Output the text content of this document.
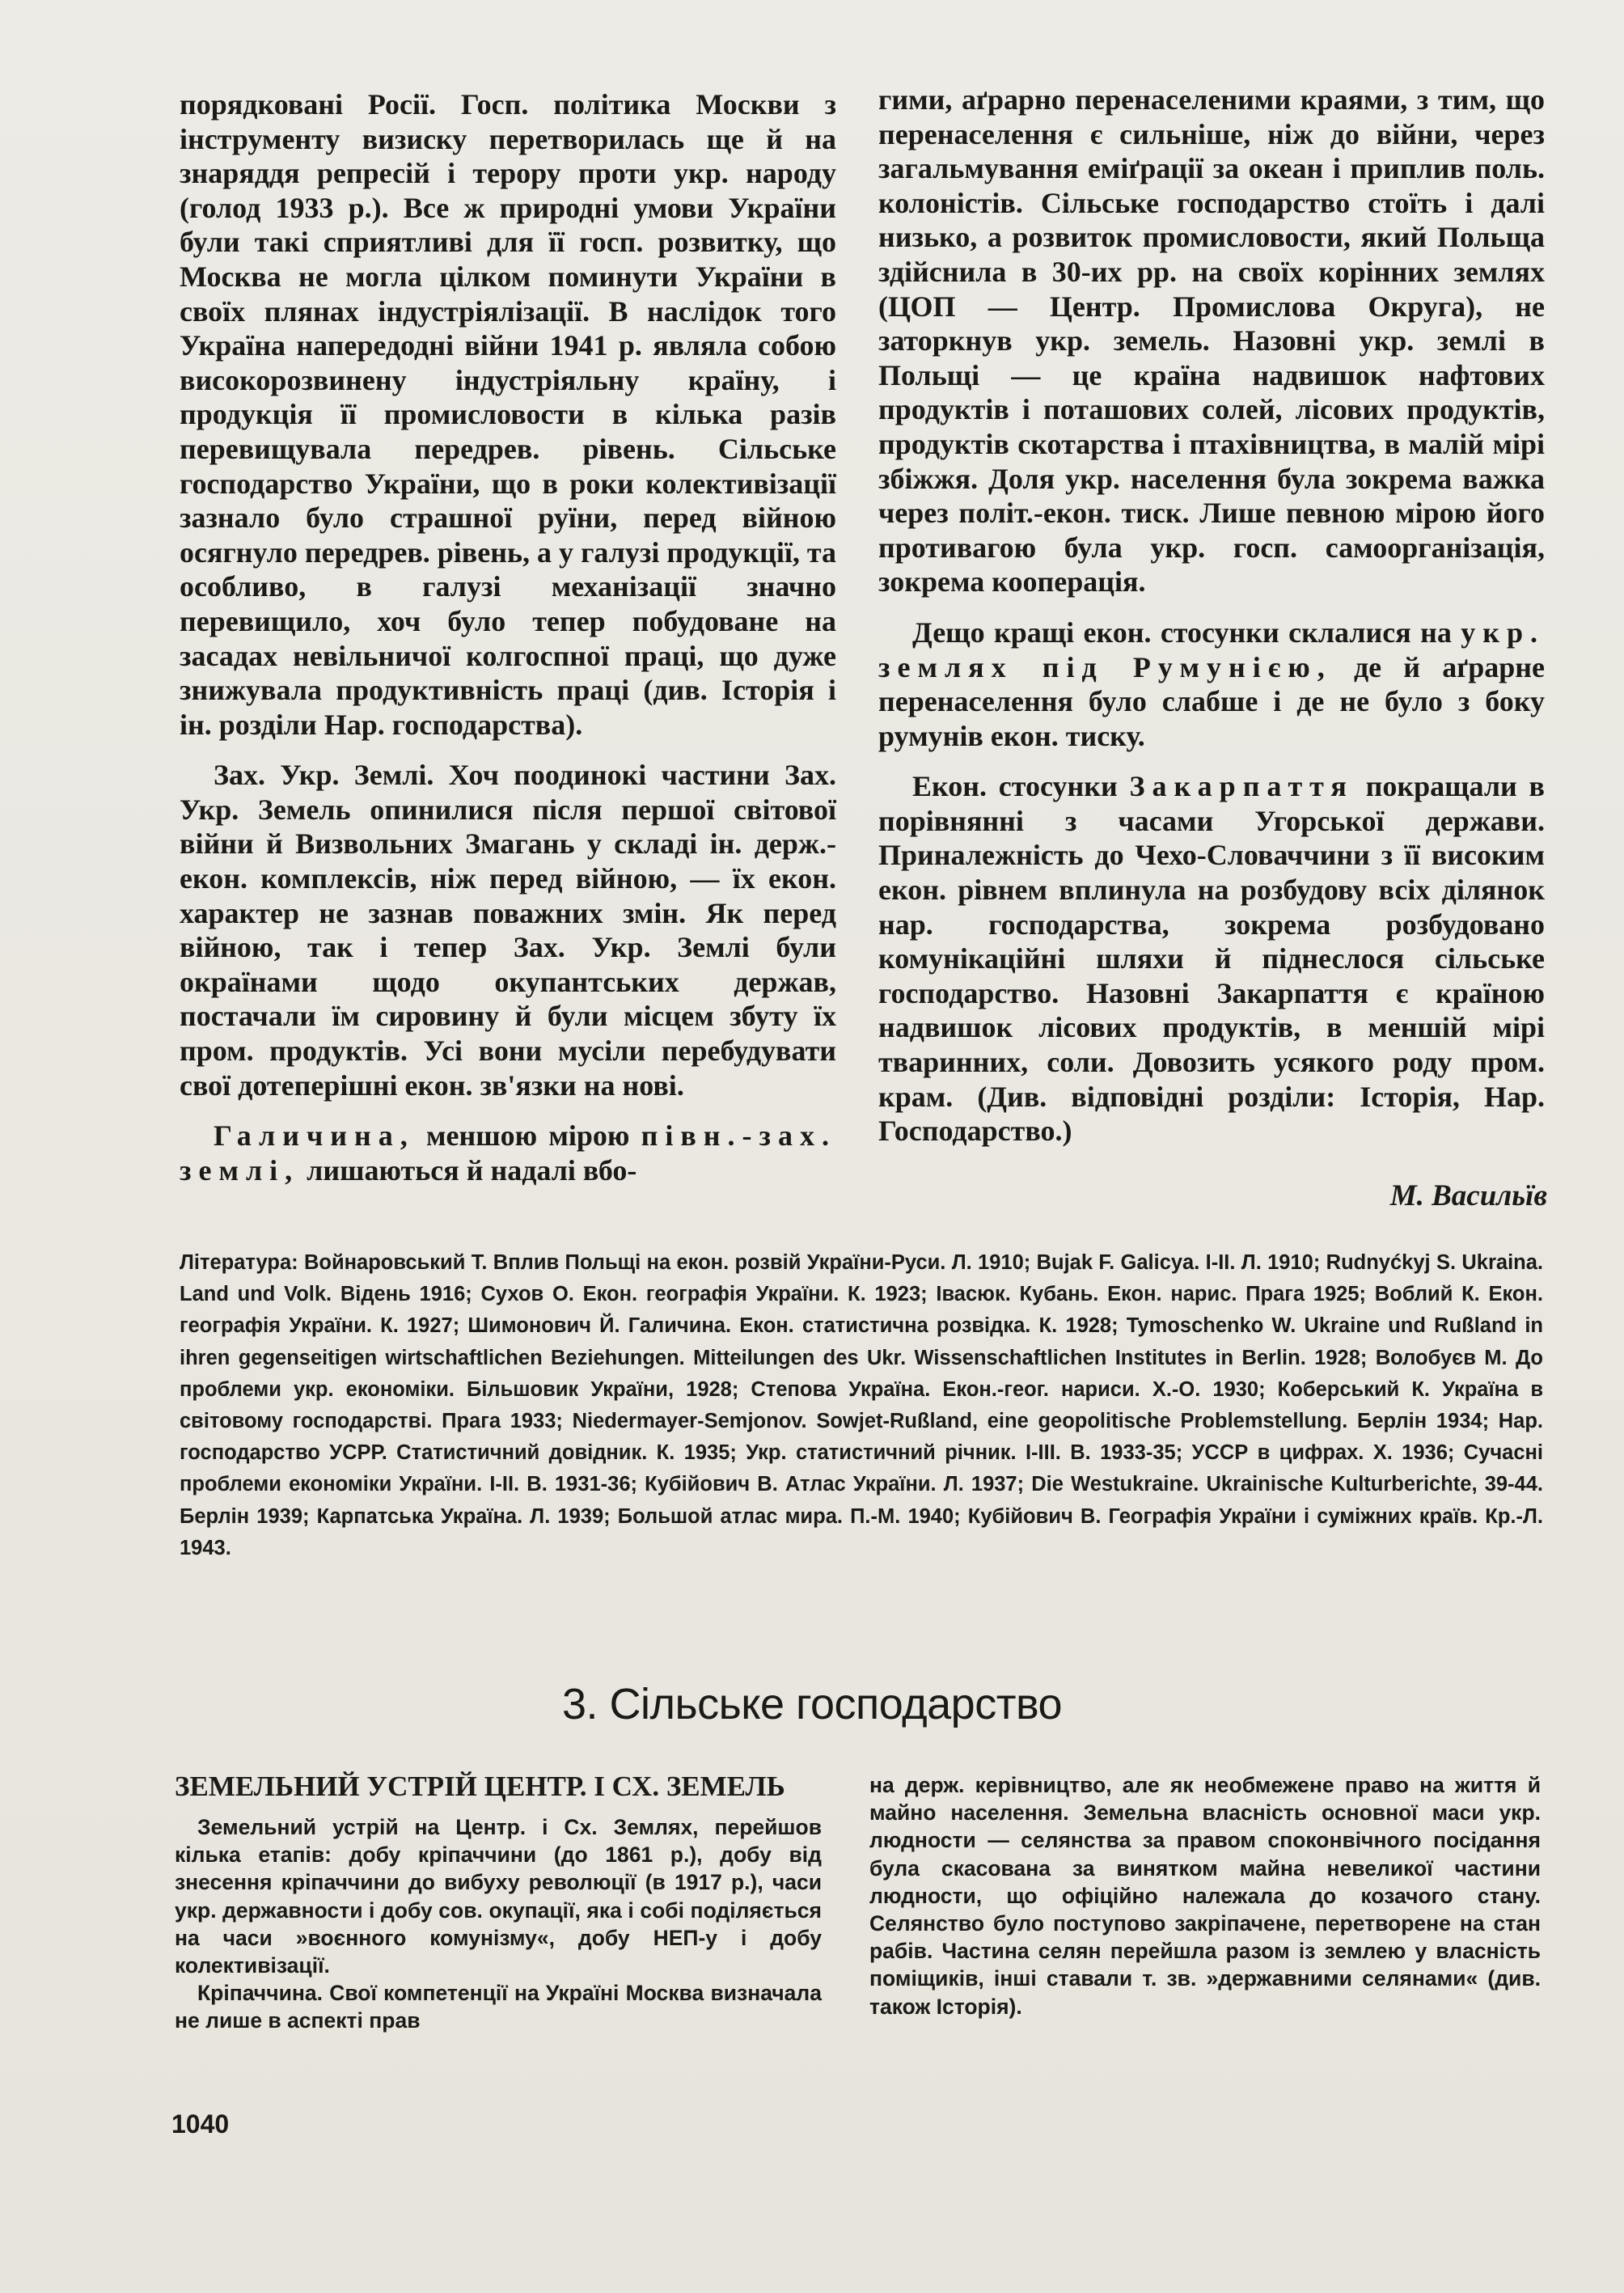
порядковані Росії. Госп. політика Москви з інструменту визиску перетворилась ще й на знаряддя репресій і терору проти укр. народу (голод 1933 р.). Все ж природні умови України були такі сприятливі для її госп. розвитку, що Москва не могла цілком поминути України в своїх плянах індустріялізації. В наслідок того Україна напередодні війни 1941 р. являла собою високорозвинену індустріяльну країну, і продукція її промисловости в кілька разів перевищувала передрев. рівень. Сільське господарство України, що в роки колективізації зазнало було страшної руїни, перед війною осягнуло передрев. рівень, а у галузі продукції, та особливо, в галузі механізації значно перевищило, хоч було тепер побудоване на засадах невільничої колгоспної праці, що дуже знижувала продуктивність праці (див. Історія і ін. розділи Нар. господарства).

Зах. Укр. Землі. Хоч поодинокі частини Зах. Укр. Земель опинилися після першої світової війни й Визвольних Змагань у складі ін. держ.-екон. комплексів, ніж перед війною, — їх екон. характер не зазнав поважних змін. Як перед війною, так і тепер Зах. Укр. Землі були окраїнами щодо окупантських держав, постачали їм сировину й були місцем збуту їх пром. продуктів. Усі вони мусіли перебудувати свої дотеперішні екон. зв'язки на нові.

Галичина, меншою мірою півн.-зах. землі, лишаються й надалі вбо-

гими, аґрарно перенаселеними краями, з тим, що перенаселення є сильніше, ніж до війни, через загальмування еміґрації за океан і приплив поль. колоністів. Сільське господарство стоїть і далі низько, а розвиток промисловости, який Польща здійснила в 30-их рр. на своїх корінних землях (ЦОП — Центр. Промислова Округа), не заторкнув укр. земель. Назовні укр. землі в Польщі — це країна надвишок нафтових продуктів і поташових солей, лісових продуктів, продуктів скотарства і птахівництва, в малій мірі збіжжя. Доля укр. населення була зокрема важка через політ.-екон. тиск. Лише певною мірою його противагою була укр. госп. самоорганізація, зокрема кооперація.

Дещо кращі екон. стосунки склалися на укр. землях під Румунією, де й аґрарне перенаселення було слабше і де не було з боку румунів екон. тиску.

Екон. стосунки Закарпаття покращали в порівнянні з часами Угорської держави. Приналежність до Чехо-Словаччини з її високим екон. рівнем вплинула на розбудову всіх ділянок нар. господарства, зокрема розбудовано комунікаційні шляхи й піднеслося сільське господарство. Назовні Закарпаття є країною надвишок лісових продуктів, в меншій мірі тваринних, соли. Довозить усякого роду пром. крам. (Див. відповідні розділи: Історія, Нар. Господарство.)

М. Васильїв
Література: Войнаровський Т. Вплив Польщі на екон. розвій України-Руси. Л. 1910; Bujak F. Galicya. I-II. Л. 1910; Rudnyćkyj S. Ukraina. Land und Volk. Відень 1916; Сухов О. Екон. географія України. К. 1923; Івасюк. Кубань. Екон. нарис. Прага 1925; Воблий К. Екон. географія України. К. 1927; Шимонович Й. Галичина. Екон. статистична розвідка. К. 1928; Tymoschenko W. Ukraine und Rußland in ihren gegenseitigen wirtschaftlichen Beziehungen. Mitteilungen des Ukr. Wissenschaftlichen Institutes in Berlin. 1928; Волобуєв М. До проблеми укр. економіки. Більшовик України, 1928; Степова Україна. Екон.-геог. нариси. Х.-О. 1930; Коберський К. Україна в світовому господарстві. Прага 1933; Niedermayer-Semjonov. Sowjet-Rußland, eine geopolitische Problemstellung. Берлін 1934; Нар. господарство УСРР. Статистичний довідник. К. 1935; Укр. статистичний річник. I-III. В. 1933-35; УССР в цифрах. Х. 1936; Сучасні проблеми економіки України. I-II. В. 1931-36; Кубійович В. Атлас України. Л. 1937; Die Westukraine. Ukrainische Kulturberichte, 39-44. Берлін 1939; Карпатська Україна. Л. 1939; Большой атлас мира. П.-М. 1940; Кубійович В. Географія України і суміжних країв. Кр.-Л. 1943.
3. Сільське господарство
ЗЕМЕЛЬНИЙ УСТРІЙ ЦЕНТР. І СХ. ЗЕМЕЛЬ

Земельний устрій на Центр. і Сх. Землях, перейшов кілька етапів: добу кріпаччини (до 1861 р.), добу від знесення кріпаччини до вибуху революції (в 1917 р.), часи укр. державности і добу сов. окупації, яка і собі поділяється на часи »воєнного комунізму«, добу НЕП-у і добу колективізації.

Кріпаччина. Свої компетенції на Україні Москва визначала не лише в аспекті прав

на держ. керівництво, але як необмежене право на життя й майно населення. Земельна власність основної маси укр. людности — селянства за правом споконвічного посідання була скасована за винятком майна невеликої частини людности, що офіційно належала до козачого стану. Селянство було поступово закріпачене, перетворене на стан рабів. Частина селян перейшла разом із землею у власність поміщиків, інші ставали т. зв. »державними селянами« (див. також Історія).

1040
